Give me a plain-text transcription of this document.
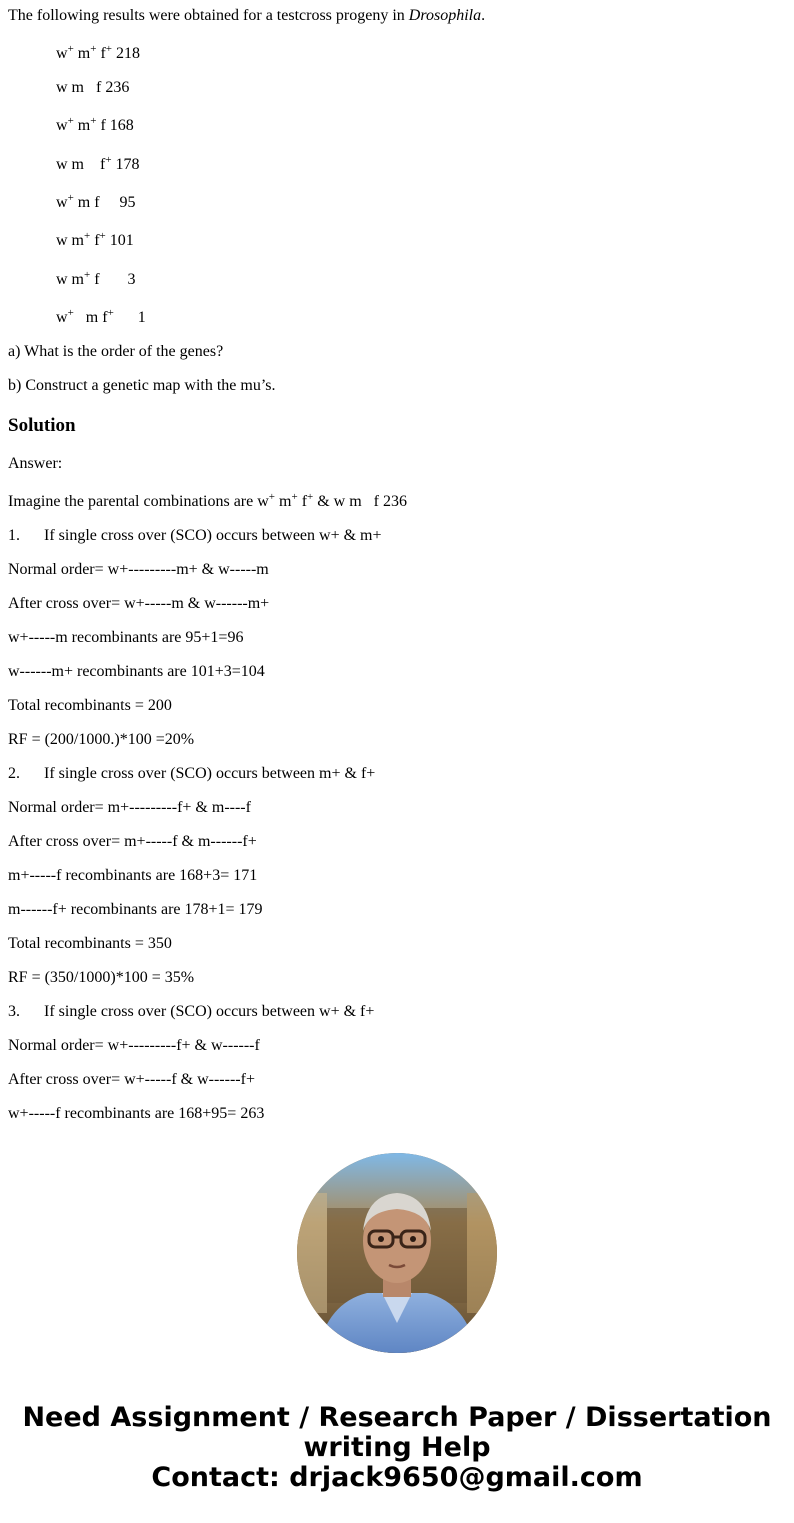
The following results were obtained for a testcross progeny in Drosophila.

w+ m+ f+ 218

w m   f 236

w+ m+ f 168

w m    f+ 178

w+ m f     95

w m+ f+ 101

w m+ f       3

w+   m f+      1

a) What is the order of the genes?

b) Construct a genetic map with the mu’s.

Solution

Answer:

Imagine the parental combinations are w+ m+ f+ & w m   f 236

1. If single cross over (SCO) occurs between w+ & m+

Normal order= w+---------m+ & w-----m

After cross over= w+-----m & w------m+

w+-----m recombinants are 95+1=96

w------m+ recombinants are 101+3=104

Total recombinants = 200

RF = (200/1000.)*100 =20%

2. If single cross over (SCO) occurs between m+ & f+

Normal order= m+---------f+ & m----f

After cross over= m+-----f & m------f+

m+-----f recombinants are 168+3= 171

m------f+ recombinants are 178+1= 179

Total recombinants = 350

RF = (350/1000)*100 = 35%

3. If single cross over (SCO) occurs between w+ & f+

Normal order= w+---------f+ & w------f

After cross over= w+-----f & w------f+

w+-----f recombinants are 168+95= 263

Need Assignment / Research Paper / Dissertation
writing Help
Contact: drjack9650@gmail.com
